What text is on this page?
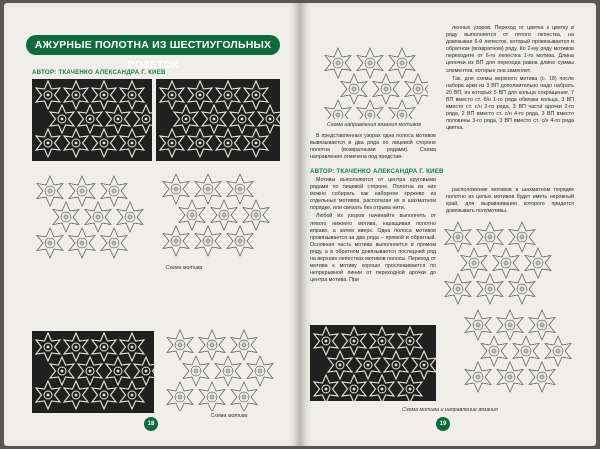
АЖУРНЫЕ ПОЛОТНА ИЗ ШЕСТИУГОЛЬНЫХ РОЗЕТОК
АВТОР: ТКАЧЕНКО АЛЕКСАНДРА Г. КИЕВ
Схема мотива
Схема мотива
18
Схема направления вязания мотивов

В представленных узорах одна полоса мотивов вывязывается в два ряда по лицевой стороне полотна (возвратными рядами). Схема направления отмечена под представ-

АВТОР: ТКАЧЕНКО АЛЕКСАНДРА Г. КИЕВ

Мотивы выполняются от центра круговыми рядами по лицевой стороне. Полотна из них можно собирать как наборное кружево из отдельных мотивов, располагая их в шахматном порядке, или связать без отрыва нити.

Любой из узоров начинайте выполнять от левого нижнего мотива, наращивая полотно вправо, а затем вверх. Одна полоса мотивов провязывается за два ряда – прямой и обратный. Основная часть мотива выполняется в прямом ряду, а в обратном довязывается последний ряд на верхних лепестках мотивов полосы. Переход от мотива к мотиву хорошо прослеживается по непрерывной линии от переходной арочки до центра мотива. При

ленных узоров. Переход от цветка к цветку в ряду выполняется от пятого лепестка, на довязывая 6-й лепесток, который провязывается в обратном (возвратном) ряду. Ко 2-му ряду мотивов переходите от 6-го лепестка 1-го мотива. Длина цепочки из ВП для перехода равна длине суммы элементов, которые она заменяет.

Так, для схемы верхнего мотива (с. 18) после набора арки из 3 ВП дополнительно надо набрать 20 ВП, из которых 5 ВП для кольца сокращения, 7 ВП вместо ст. б/н 1-го ряда обвязки кольца, 3 ВП вместо ст. с/н 2-го ряда, 3 ВП части арочки 2-го ряда, 2 ВП вместо ст. с/н 4-го ряда, 3 ВП вместо половины 3-го ряда, 3 ВП вместо ст. с/н 4-го ряда цветка.

расположение мотивов в шахматном порядке полотно из целых мотивов будет иметь неровный край, для выравнивания которого придется довязывать полумотивы.

Схема мотива и направление вязания
19
